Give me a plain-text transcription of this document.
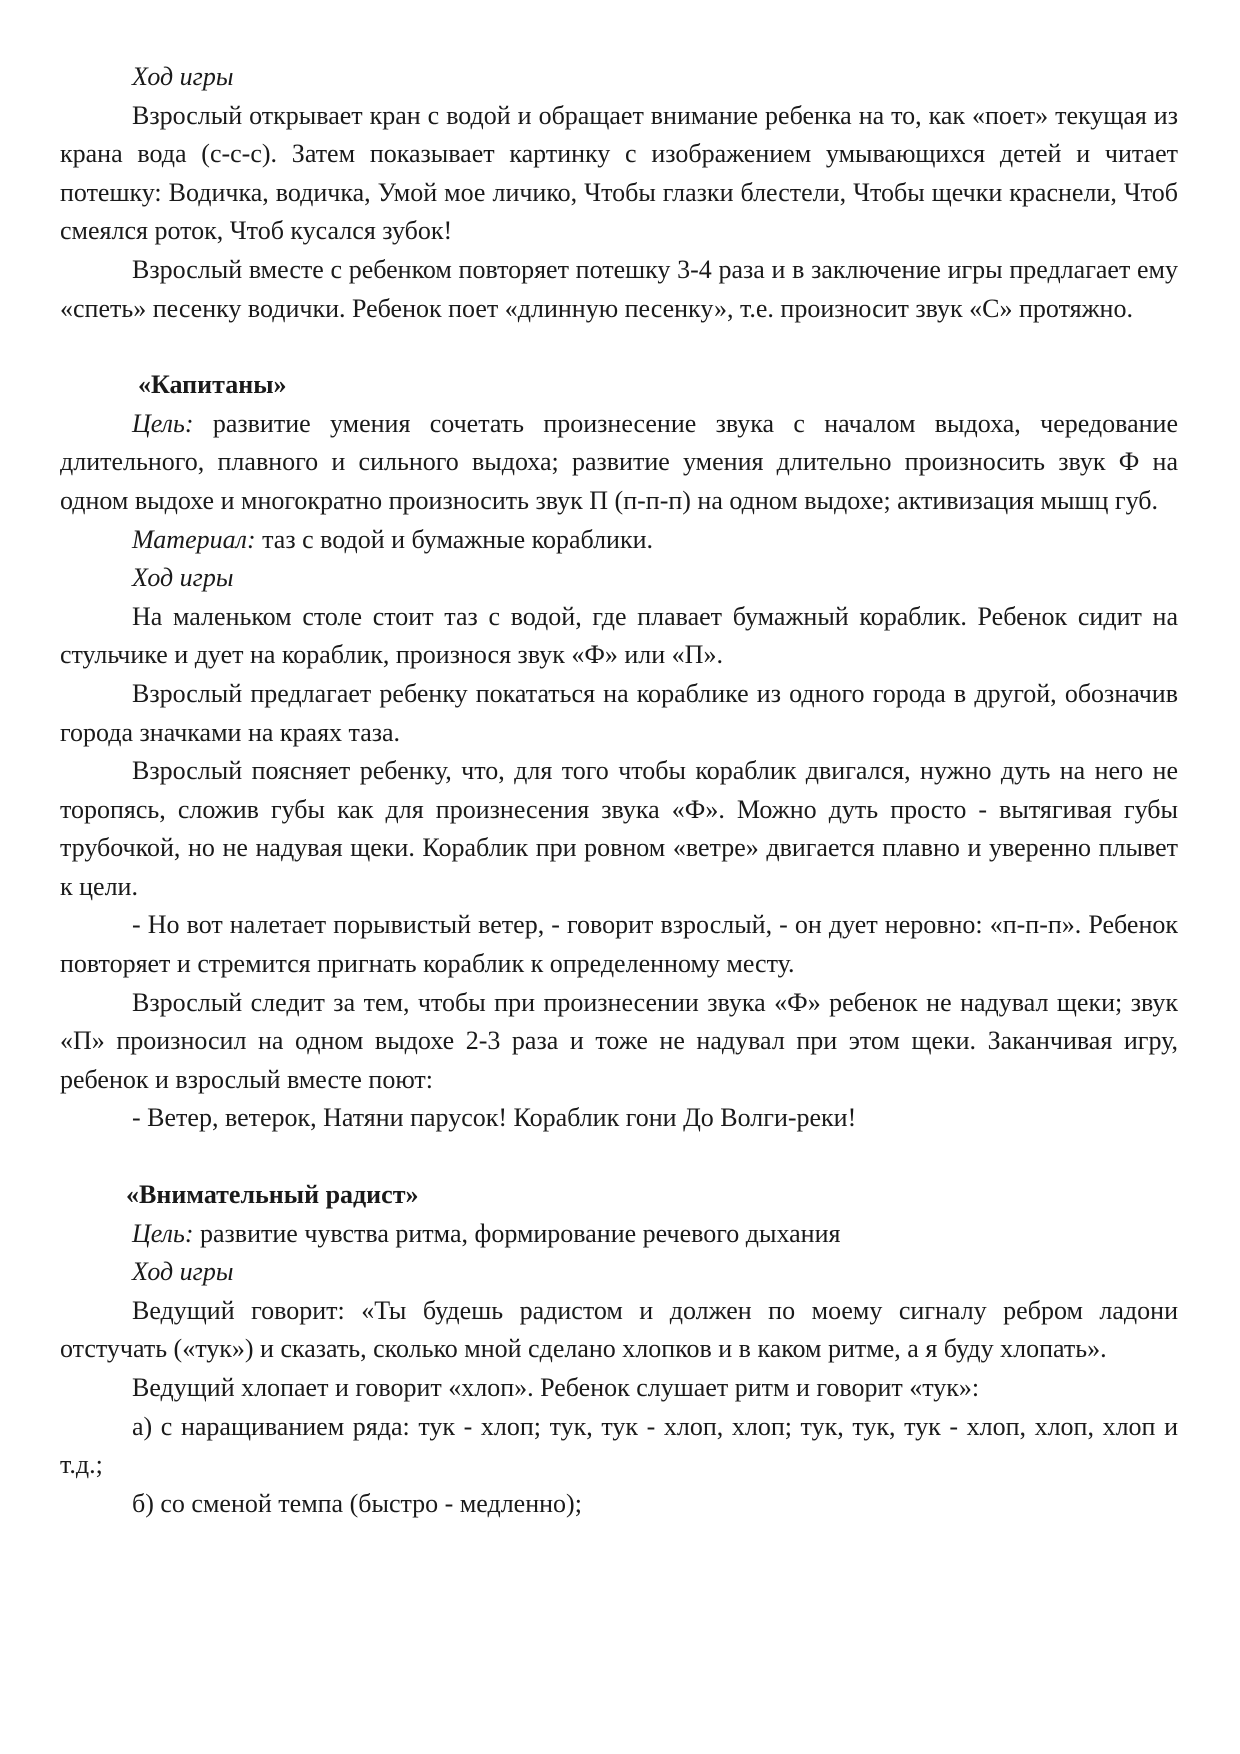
Ход игры

Взрослый открывает кран с водой и обращает внимание ребенка на то, как «поет» текущая из крана вода (с-с-с). Затем показывает картинку с изображением умывающихся детей и читает потешку: Водичка, водичка, Умой мое личико, Чтобы глазки блестели, Чтобы щечки краснели, Чтоб смеялся роток, Чтоб кусался зубок!

Взрослый вместе с ребенком повторяет потешку 3-4 раза и в заключение игры предлагает ему «спеть» песенку водички. Ребенок поет «длинную песенку», т.е. произносит звук «С» протяжно.

«Капитаны»

Цель: развитие умения сочетать произнесение звука с началом выдоха, чередование длительного, плавного и сильного выдоха; развитие умения длительно произносить звук Ф на одном выдохе и многократно произносить звук П (п-п-п) на одном выдохе; активизация мышц губ.

Материал: таз с водой и бумажные кораблики.

Ход игры

На маленьком столе стоит таз с водой, где плавает бумажный кораблик. Ребенок сидит на стульчике и дует на кораблик, произнося звук «Ф» или «П».

Взрослый предлагает ребенку покататься на кораблике из одного города в другой, обозначив города значками на краях таза.

Взрослый поясняет ребенку, что, для того чтобы кораблик двигался, нужно дуть на него не торопясь, сложив губы как для произнесения звука «Ф». Можно дуть просто - вытягивая губы трубочкой, но не надувая щеки. Кораблик при ровном «ветре» двигается плавно и уверенно плывет к цели.

- Но вот налетает порывистый ветер, - говорит взрослый, - он дует неровно: «п-п-п». Ребенок повторяет и стремится пригнать кораблик к определенному месту.

Взрослый следит за тем, чтобы при произнесении звука «Ф» ребенок не надувал щеки; звук «П» произносил на одном выдохе 2-3 раза и тоже не надувал при этом щеки. Заканчивая игру, ребенок и взрослый вместе поют:

- Ветер, ветерок, Натяни парусок! Кораблик гони До Волги-реки!

«Внимательный радист»

Цель: развитие чувства ритма, формирование речевого дыхания

Ход игры

Ведущий говорит: «Ты будешь радистом и должен по моему сигналу ребром ладони отстучать («тук») и сказать, сколько мной сделано хлопков и в каком ритме, а я буду хлопать».

Ведущий хлопает и говорит «хлоп». Ребенок слушает ритм и говорит «тук»:

а) с наращиванием ряда: тук - хлоп; тук, тук - хлоп, хлоп; тук, тук, тук - хлоп, хлоп, хлоп и т.д.;

б) со сменой темпа (быстро - медленно);
